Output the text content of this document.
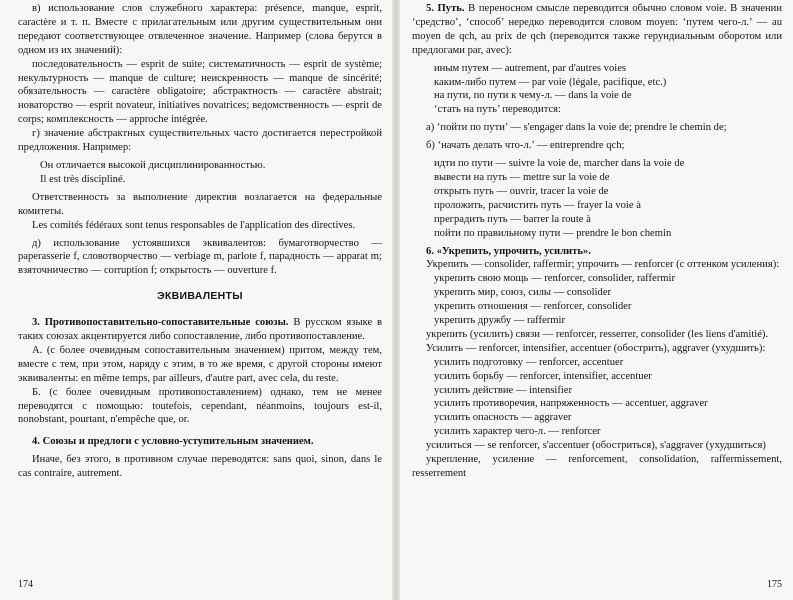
в) использование слов служебного характера: présence, manque, esprit, caractère и т. п. Вместе с прилагательным или другим существительным они передают соответствующее отвлеченное значение. Например (слова берутся в одном из их значений):

последовательность — esprit de suite; систематичность — esprit de système; некультурность — manque de culture; неискренность — manque de sincérité; обязательность — caractère obligatoire; абстрактность — caractère abstrait; новаторство — esprit novateur, initiatives novatrices; ведомственность — esprit de corps; комплексность — approche intégrée.

г) значение абстрактных существительных часто достигается перестройкой предложения. Например:

Он отличается высокой дисциплинированностью.

Il est très discipliné.

Ответственность за выполнение директив возлагается на федеральные комитеты.

Les comités fédéraux sont tenus responsables de l'application des directives.

д) использование устоявшихся эквивалентов: бумаготворчество — paperasserie f, словотворчество — verbiage m, parlote f, парадность — apparat m; взяточничество — corruption f; открытость — ouverture f.

ЭКВИВАЛЕНТЫ

3. Противопоставительно-сопоставительные союзы. В русском языке в таких союзах акцентируется либо сопоставление, либо противопоставление.

А. (с более очевидным сопоставительным значением) притом, между тем, вместе с тем, при этом, наряду с этим, в то же время, с другой стороны имеют эквиваленты: en même temps, par ailleurs, d'autre part, avec cela, du reste.

Б. (с более очевидным противопоставлением) однако, тем не менее переводятся с помощью: toutefois, cependant, néanmoins, toujours est-il, nonobstant, pourtant, n'empêche que, or.

4. Союзы и предлоги с условно-уступительным значением.

Иначе, без этого, в противном случае переводятся: sans quoi, sinon, dans le cas contraire, autrement.

174

5. Путь. В переносном смысле переводится обычно словом voie. В значении ‘средство’, ‘способ’ нередко переводится словом moyen: ‘путем чего-л.’ — au moyen de qch, au prix de qch (переводится также герундиальным оборотом или предлогами par, avec):

иным путем — autrement, par d'autres voies
каким-либо путем — par voie (légale, pacifique, etc.)
на пути, по пути к чему-л. — dans la voie de
‘стать на путь’ переводится:

а) ‘пойти по пути’ — s'engager dans la voie de; prendre le chemin de;

б) ‘начать делать что-л.’ — entreprendre qch;

идти по пути — suivre la voie de, marcher dans la voie de
вывести на путь — mettre sur la voie de
открыть путь — ouvrir, tracer la voie de
проложить, расчистить путь — frayer la voie à
преградить путь — barrer la route à
пойти по правильному пути — prendre le bon chemin

6. «Укрепить, упрочить, усилить».

Укрепить — consolider, raffermir; упрочить — renforcer (с оттенком усиления):

укрепить свою мощь — renforcer, consolider, raffermir
укрепить мир, союз, силы — consolider
укрепить отношения — renforcer, consolider
укрепить дружбу — raffermir

укрепить (усилить) связи — renforcer, resserrer, consolider (les liens d'amitié).

Усилить — renforcer, intensifier, accentuer (обострить), aggraver (ухудшить):

усилить подготовку — renforcer, accentuer
усилить борьбу — renforcer, intensifier, accentuer
усилить действие — intensifier
усилить противоречия, напряженность — accentuer, aggraver
усилить опасность — aggraver
усилить характер чего-л. — renforcer

усилиться — se renforcer, s'accentuer (обостриться), s'aggraver (ухудшиться)

укрепление, усиление — renforcement, consolidation, raffermissement, resserrement

175
